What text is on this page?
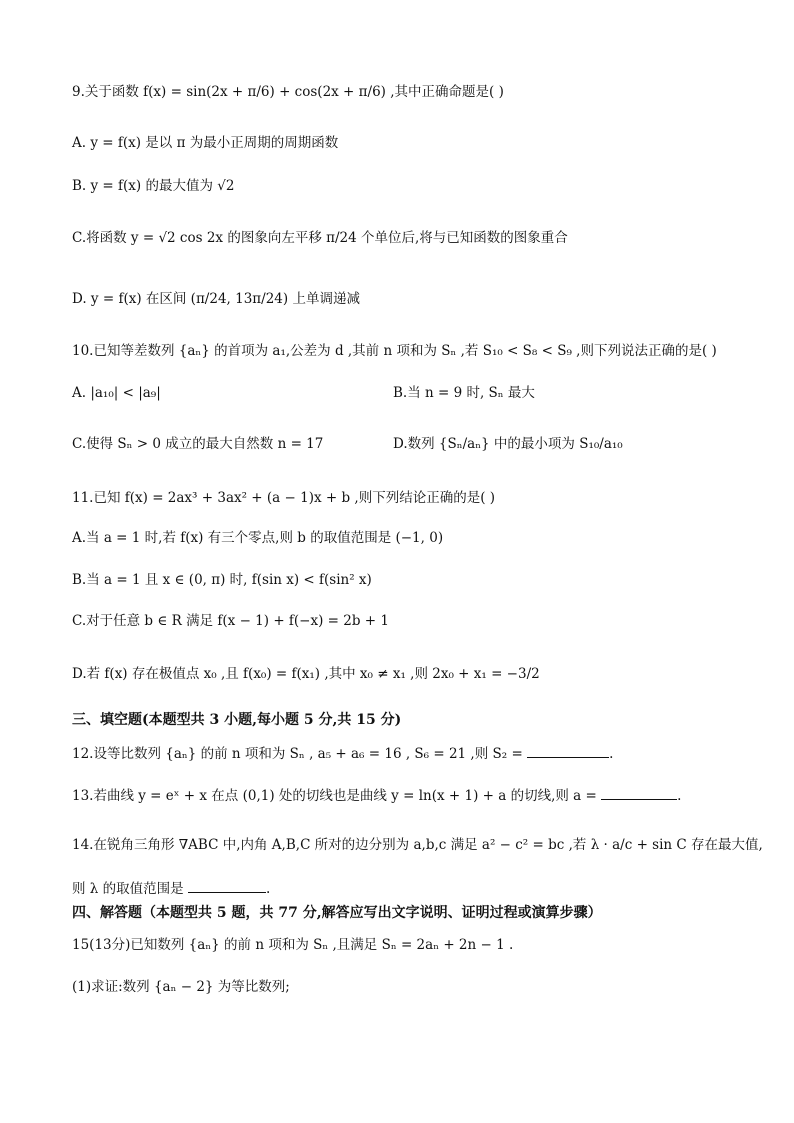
9.关于函数 f(x) = sin(2x + π/6) + cos(2x + π/6) ,其中正确命题是( )
A. y = f(x) 是以 π 为最小正周期的周期函数
B. y = f(x) 的最大值为 √2
C.将函数 y = √2 cos 2x 的图象向左平移 π/24 个单位后,将与已知函数的图象重合
D. y = f(x) 在区间 (π/24, 13π/24) 上单调递减
10.已知等差数列 {aₙ} 的首项为 a₁,公差为 d ,其前 n 项和为 Sₙ ,若 S₁₀ < S₈ < S₉ ,则下列说法正确的是( )
A. |a₁₀| < |a₉|	B.当 n = 9 时, Sₙ 最大
C.使得 Sₙ > 0 成立的最大自然数 n = 17	D.数列 {Sₙ/aₙ} 中的最小项为 S₁₀/a₁₀
11.已知 f(x) = 2ax³ + 3ax² + (a − 1)x + b ,则下列结论正确的是( )
A.当 a = 1 时,若 f(x) 有三个零点,则 b 的取值范围是 (−1, 0)
B.当 a = 1 且 x ∈ (0, π) 时, f(sin x) < f(sin² x)
C.对于任意 b ∈ R 满足 f(x − 1) + f(−x) = 2b + 1
D.若 f(x) 存在极值点 x₀ ,且 f(x₀) = f(x₁) ,其中 x₀ ≠ x₁ ,则 2x₀ + x₁ = −3/2
三、填空题(本题型共 3 小题,每小题 5 分,共 15 分)
12.设等比数列 {aₙ} 的前 n 项和为 Sₙ , a₅ + a₆ = 16 , S₆ = 21 ,则 S₂ =	.
13.若曲线 y = eˣ + x 在点 (0,1) 处的切线也是曲线 y = ln(x + 1) + a 的切线,则 a =	.
14.在锐角三角形 ∇ABC 中,内角 A,B,C 所对的边分别为 a,b,c 满足 a² − c² = bc ,若 λ · a/c + sin C 存在最大值,
则 λ 的取值范围是	.
四、解答题（本题型共 5 题，共 77 分,解答应写出文字说明、证明过程或演算步骤）
15(13分)已知数列 {aₙ} 的前 n 项和为 Sₙ ,且满足 Sₙ = 2aₙ + 2n − 1 .
(1)求证:数列 {aₙ − 2} 为等比数列;
